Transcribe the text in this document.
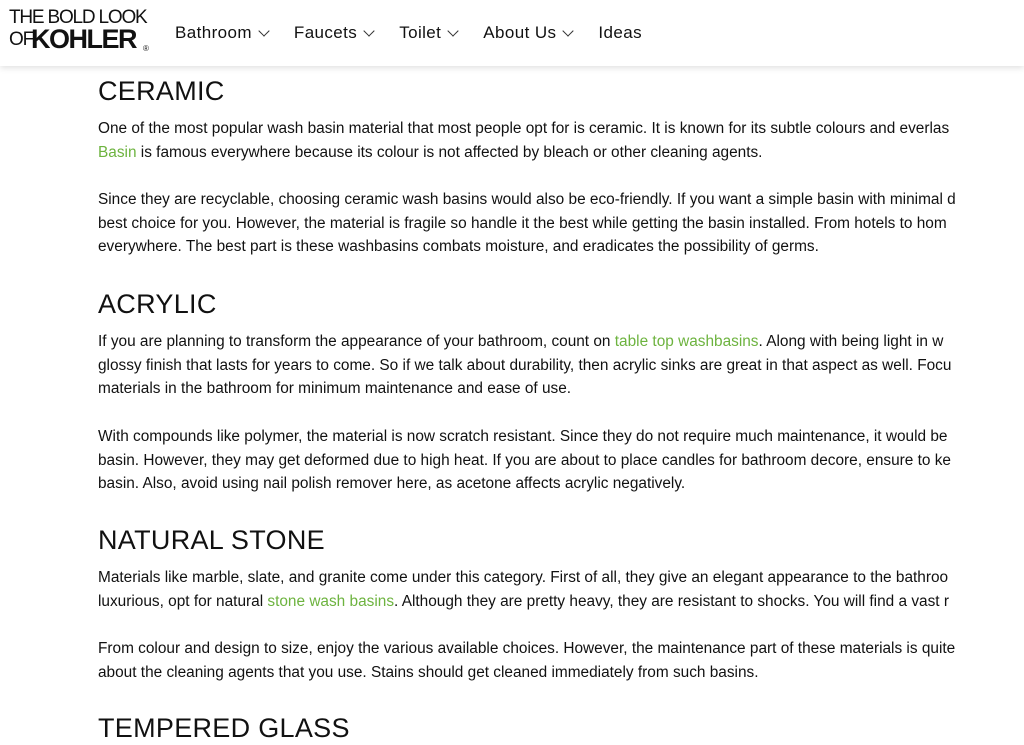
THE BOLD LOOK
OF
KOHLER ®
Bathroom Faucets Toilet About Us Ideas
CERAMIC
One of the most popular wash basin material that most people opt for is ceramic. It is known for its subtle colours and everlas
Basin is famous everywhere because its colour is not affected by bleach or other cleaning agents.
Since they are recyclable, choosing ceramic wash basins would also be eco-friendly. If you want a simple basin with minimal d
best choice for you. However, the material is fragile so handle it the best while getting the basin installed. From hotels to hom
everywhere. The best part is these washbasins combats moisture, and eradicates the possibility of germs.
ACRYLIC
If you are planning to transform the appearance of your bathroom, count on table top washbasins. Along with being light in w
glossy finish that lasts for years to come. So if we talk about durability, then acrylic sinks are great in that aspect as well. Focu
materials in the bathroom for minimum maintenance and ease of use.
With compounds like polymer, the material is now scratch resistant. Since they do not require much maintenance, it would be
basin. However, they may get deformed due to high heat. If you are about to place candles for bathroom decore, ensure to ke
basin. Also, avoid using nail polish remover here, as acetone affects acrylic negatively.
NATURAL STONE
Materials like marble, slate, and granite come under this category. First of all, they give an elegant appearance to the bathroo
luxurious, opt for natural stone wash basins. Although they are pretty heavy, they are resistant to shocks. You will find a vast r
From colour and design to size, enjoy the various available choices. However, the maintenance part of these materials is quite
about the cleaning agents that you use. Stains should get cleaned immediately from such basins.
TEMPERED GLASS
